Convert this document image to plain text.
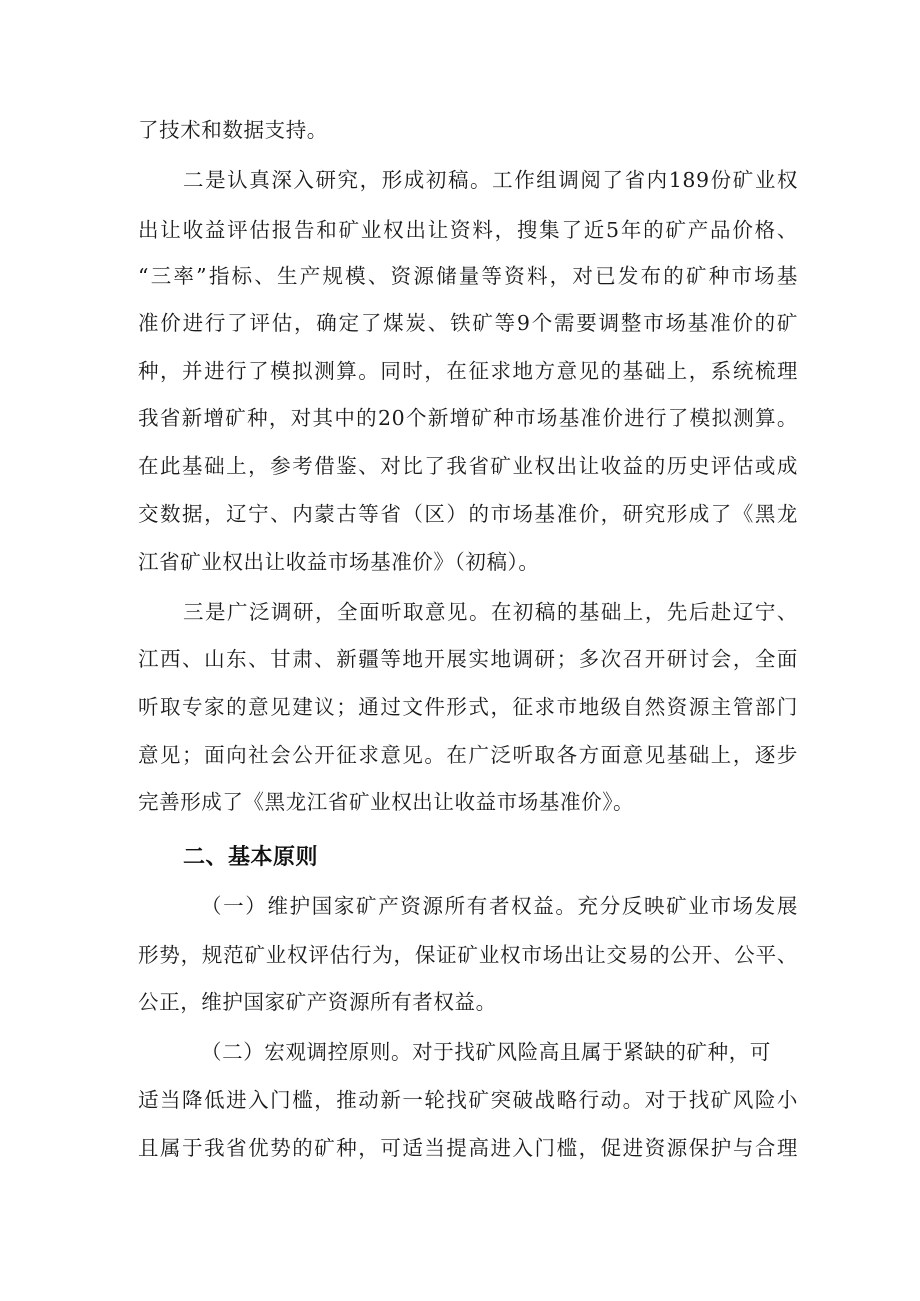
了技术和数据支持。
二是认真深入研究，形成初稿。工作组调阅了省内189份矿业权
出让收益评估报告和矿业权出让资料，搜集了近5年的矿产品价格、
“三率”指标、生产规模、资源储量等资料，对已发布的矿种市场基
准价进行了评估，确定了煤炭、铁矿等9个需要调整市场基准价的矿
种，并进行了模拟测算。同时，在征求地方意见的基础上，系统梳理
我省新增矿种，对其中的20个新增矿种市场基准价进行了模拟测算。
在此基础上，参考借鉴、对比了我省矿业权出让收益的历史评估或成
交数据，辽宁、内蒙古等省（区）的市场基准价，研究形成了《黑龙
江省矿业权出让收益市场基准价》（初稿）。
三是广泛调研，全面听取意见。在初稿的基础上，先后赴辽宁、
江西、山东、甘肃、新疆等地开展实地调研；多次召开研讨会，全面
听取专家的意见建议；通过文件形式，征求市地级自然资源主管部门
意见；面向社会公开征求意见。在广泛听取各方面意见基础上，逐步
完善形成了《黑龙江省矿业权出让收益市场基准价》。
二、基本原则
（一）维护国家矿产资源所有者权益。充分反映矿业市场发展
形势，规范矿业权评估行为，保证矿业权市场出让交易的公开、公平、
公正，维护国家矿产资源所有者权益。
（二）宏观调控原则。对于找矿风险高且属于紧缺的矿种，可
适当降低进入门槛，推动新一轮找矿突破战略行动。对于找矿风险小
且属于我省优势的矿种，可适当提高进入门槛，促进资源保护与合理
